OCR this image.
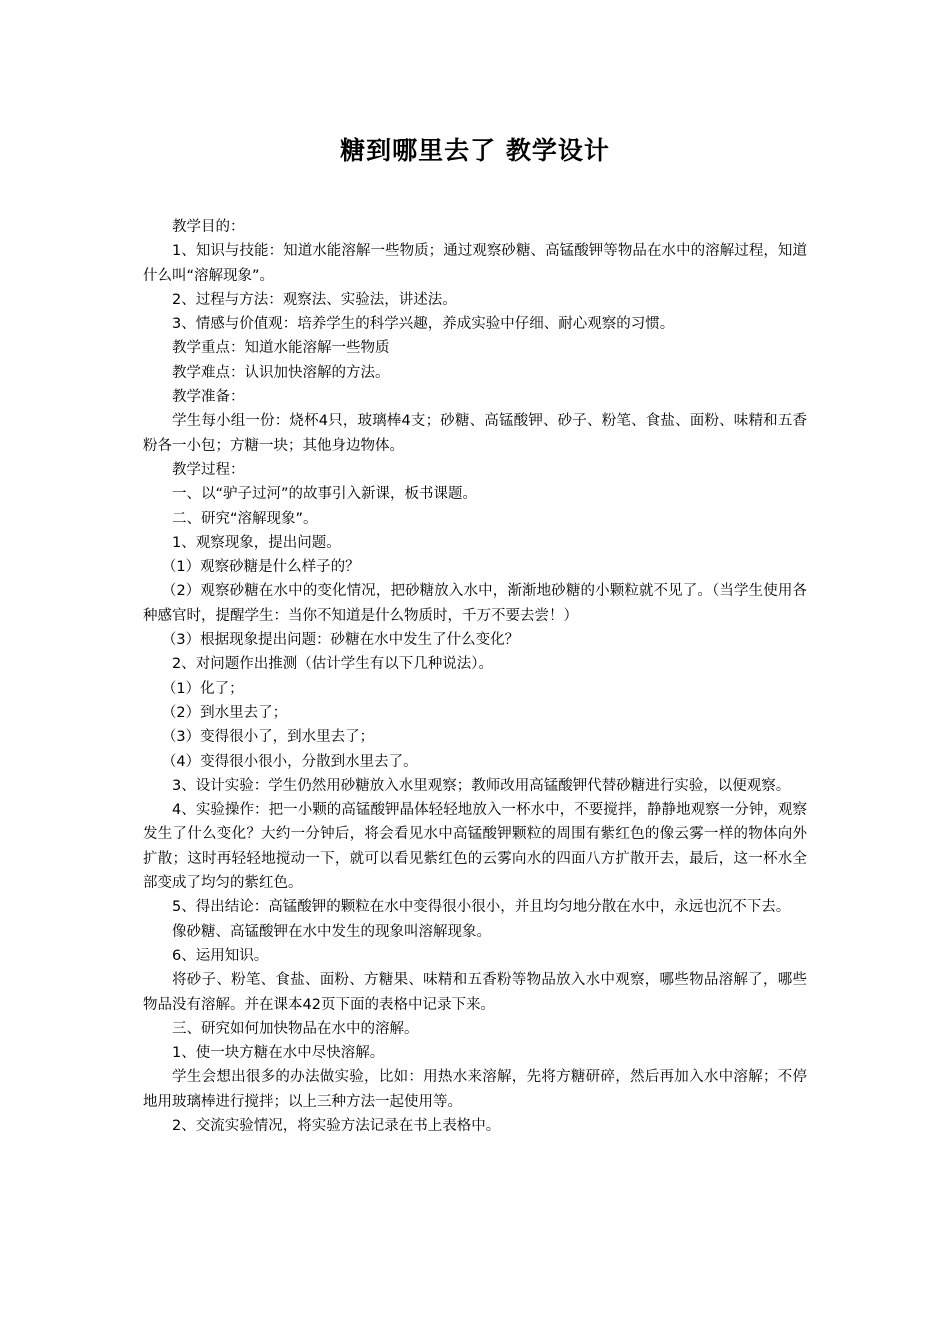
糖到哪里去了 教学设计

教学目的：

1、知识与技能：知道水能溶解一些物质；通过观察砂糖、高锰酸钾等物品在水中的溶解过程，知道什么叫“溶解现象”。

2、过程与方法：观察法、实验法，讲述法。

3、情感与价值观：培养学生的科学兴趣，养成实验中仔细、耐心观察的习惯。

教学重点：知道水能溶解一些物质

教学难点：认识加快溶解的方法。

教学准备：

学生每小组一份：烧杯4只，玻璃棒4支；砂糖、高锰酸钾、砂子、粉笔、食盐、面粉、味精和五香粉各一小包；方糖一块；其他身边物体。

教学过程：

一、以“驴子过河”的故事引入新课，板书课题。

二、研究“溶解现象”。

1、观察现象，提出问题。

（1）观察砂糖是什么样子的？

（2）观察砂糖在水中的变化情况，把砂糖放入水中，渐渐地砂糖的小颗粒就不见了。（当学生使用各种感官时，提醒学生：当你不知道是什么物质时，千万不要去尝！）

（3）根据现象提出问题：砂糖在水中发生了什么变化？

2、对问题作出推测（估计学生有以下几种说法）。

（1）化了；

（2）到水里去了；

（3）变得很小了，到水里去了；

（4）变得很小很小，分散到水里去了。

3、设计实验：学生仍然用砂糖放入水里观察；教师改用高锰酸钾代替砂糖进行实验，以便观察。

4、实验操作：把一小颗的高锰酸钾晶体轻轻地放入一杯水中，不要搅拌，静静地观察一分钟，观察发生了什么变化？大约一分钟后，将会看见水中高锰酸钾颗粒的周围有紫红色的像云雾一样的物体向外扩散；这时再轻轻地搅动一下，就可以看见紫红色的云雾向水的四面八方扩散开去，最后，这一杯水全部变成了均匀的紫红色。

5、得出结论：高锰酸钾的颗粒在水中变得很小很小，并且均匀地分散在水中，永远也沉不下去。

像砂糖、高锰酸钾在水中发生的现象叫溶解现象。

6、运用知识。

将砂子、粉笔、食盐、面粉、方糖果、味精和五香粉等物品放入水中观察，哪些物品溶解了，哪些物品没有溶解。并在课本42页下面的表格中记录下来。

三、研究如何加快物品在水中的溶解。

1、使一块方糖在水中尽快溶解。

学生会想出很多的办法做实验，比如：用热水来溶解，先将方糖研碎，然后再加入水中溶解；不停地用玻璃棒进行搅拌；以上三种方法一起使用等。

2、交流实验情况，将实验方法记录在书上表格中。
